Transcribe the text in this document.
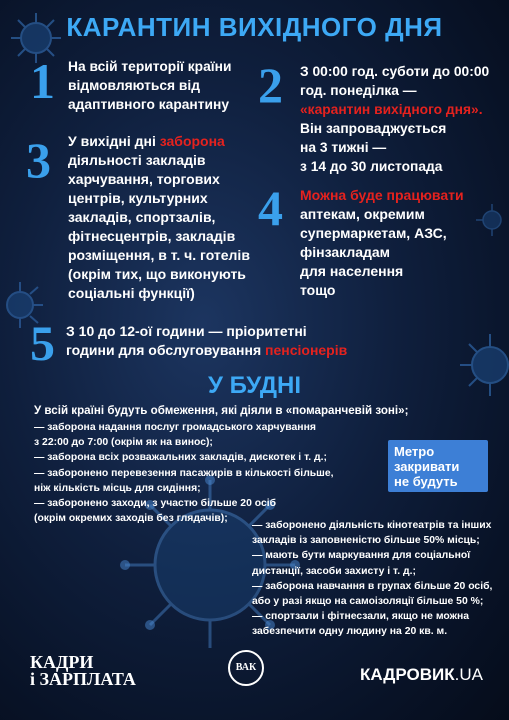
КАРАНТИН ВИХІДНОГО ДНЯ
1 На всій території країни
відмовляються від
адаптивного карантину 2 З 00:00 год. суботи до 00:00
год. понеділка —
«карантин вихідного дня».
Він запроваджується
на 3 тижні —
з 14 до 30 листопада
3 У вихідні дні заборона
діяльності закладів
харчування, торгових
центрів, культурних
закладів, спортзалів,
фітнесцентрів, закладів
розміщення, в т. ч. готелів
(окрім тих, що виконують
соціальні функції)
4 Можна буде працювати
аптекам, окремим
супермаркетам, АЗС,
фінзакладам
для населення
тощо
5 З 10 до 12-ої години — пріоритетні
години для обслуговування пенсіонерів
У БУДНІ
У всій країні будуть обмеження, які діяли в «помаранчевій зоні»;
— заборона надання послуг громадського харчування
з 22:00 до 7:00 (окрім як на винос);
— заборона всіх розважальних закладів, дискотек і т. д.;
— заборонено перевезення пасажирів в кількості більше,
ніж кількість місць для сидіння;
— заборонено заходи, з участю більше 20 осіб
(окрім окремих заходів без глядачів);
Метро
закривати
не будуть
— заборонено діяльність кінотеатрів та інших
закладів із заповненістю більше 50% місць;
— мають бути маркування для соціальної
дистанції, засоби захисту і т. д.;
— заборона навчання в групах більше 20 осіб,
або у разі якщо на самоізоляції більше 50 %;
— спортзали і фітнесзали, якщо не можна
забезпечити одну людину на 20 кв. м.
КАДРИ
і ЗАРПЛАТА
ВАК	КАДРОВИК.UA
